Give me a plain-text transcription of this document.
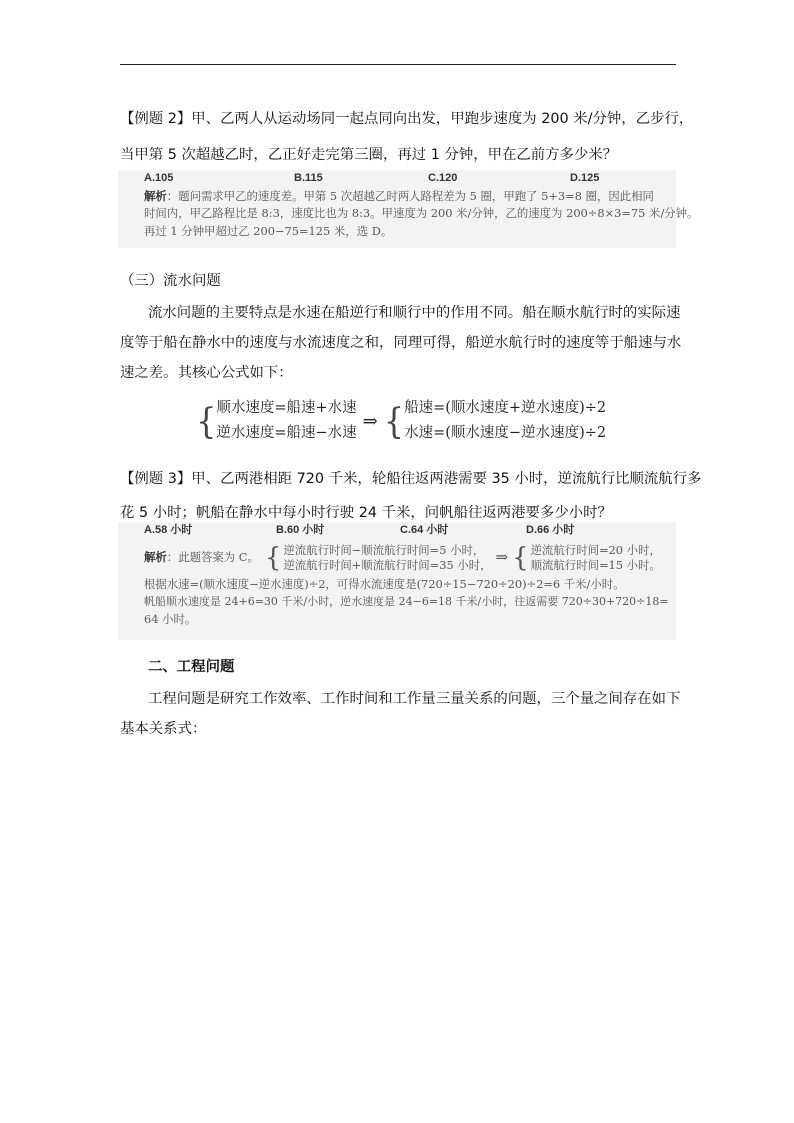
【例题 2】甲、乙两人从运动场同一起点同向出发，甲跑步速度为 200 米/分钟，乙步行，
当甲第 5 次超越乙时，乙正好走完第三圈，再过 1 分钟，甲在乙前方多少米？
A.105	B.115	C.120	D.125
解析：题问需求甲乙的速度差。甲第 5 次超越乙时两人路程差为 5 圈，甲跑了 5+3=8 圈，因此相同
时间内，甲乙路程比是 8:3，速度比也为 8:3。甲速度为 200 米/分钟，乙的速度为 200÷8×3=75 米/分钟。
再过 1 分钟甲超过乙 200−75=125 米，选 D。
（三）流水问题
流水问题的主要特点是水速在船逆行和顺行中的作用不同。船在顺水航行时的实际速
度等于船在静水中的速度与水流速度之和，同理可得，船逆水航行时的速度等于船速与水
速之差。其核心公式如下：
{ 顺水速度=船速+水速
逆水速度=船速−水速
⇒ { 船速=(顺水速度+逆水速度)÷2
水速=(顺水速度−逆水速度)÷2
【例题 3】甲、乙两港相距 720 千米，轮船往返两港需要 35 小时，逆流航行比顺流航行多
花 5 小时；帆船在静水中每小时行驶 24 千米，问帆船往返两港要多少小时？
A.58 小时	B.60 小时	C.64 小时	D.66 小时
解析 ：此题答案为 C。 { 逆流航行时间−顺流航行时间=5 小时，
逆流航行时间+顺流航行时间=35 小时， ⇒ { 逆流航行时间=20 小时，
顺流航行时间=15 小时。
根据水速=(顺水速度−逆水速度)÷2，可得水流速度是(720÷15−720÷20)÷2=6 千米/小时。
帆船顺水速度是 24+6=30 千米/小时，逆水速度是 24−6=18 千米/小时，往返需要 720÷30+720÷18=
64 小时。
二、工程问题
工程问题是研究工作效率、工作时间和工作量三量关系的问题，三个量之间存在如下
基本关系式：
